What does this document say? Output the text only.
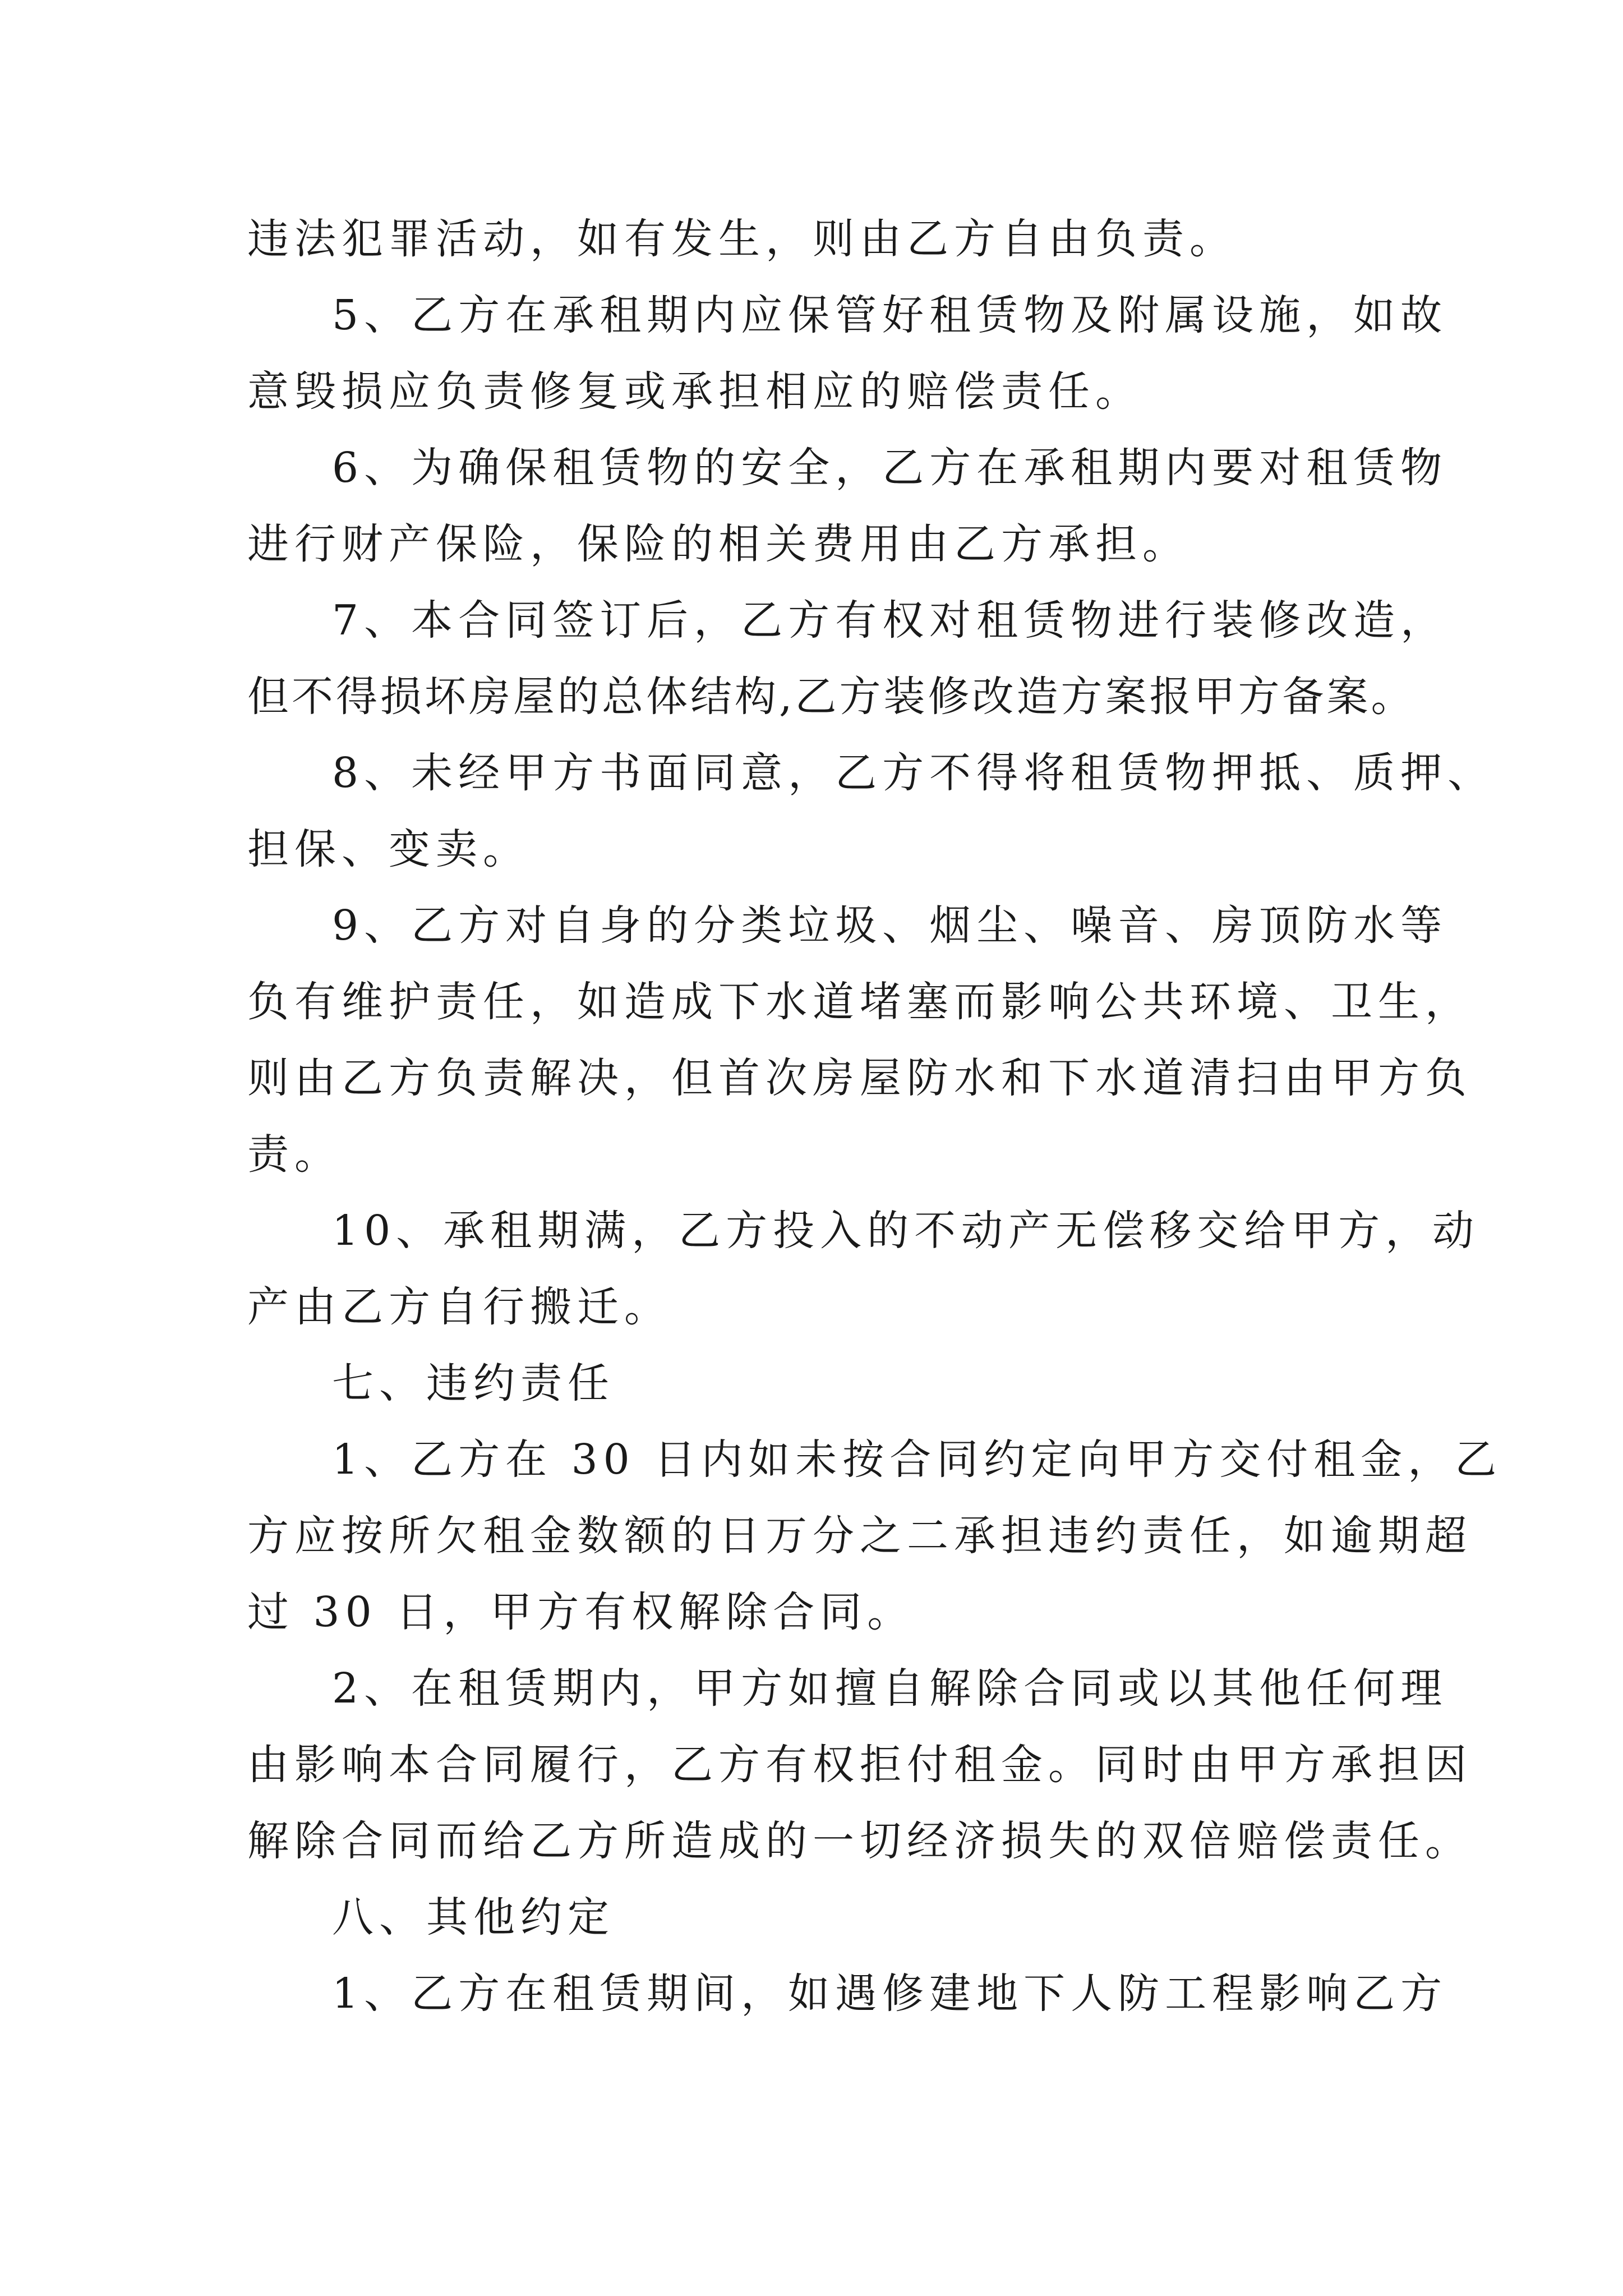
违法犯罪活动，如有发生，则由乙方自由负责。
5、乙方在承租期内应保管好租赁物及附属设施，如故
意毁损应负责修复或承担相应的赔偿责任。
6、为确保租赁物的安全，乙方在承租期内要对租赁物
进行财产保险，保险的相关费用由乙方承担。
7、本合同签订后，乙方有权对租赁物进行装修改造，
但不得损坏房屋的总体结构,乙方装修改造方案报甲方备案。
8、未经甲方书面同意，乙方不得将租赁物押抵、质押、
担保、变卖。
9、乙方对自身的分类垃圾、烟尘、噪音、房顶防水等
负有维护责任，如造成下水道堵塞而影响公共环境、卫生，
则由乙方负责解决，但首次房屋防水和下水道清扫由甲方负
责。
10、承租期满，乙方投入的不动产无偿移交给甲方，动
产由乙方自行搬迁。
七、违约责任
1、乙方在 30 日内如未按合同约定向甲方交付租金，乙
方应按所欠租金数额的日万分之二承担违约责任，如逾期超
过 30 日，甲方有权解除合同。
2、在租赁期内，甲方如擅自解除合同或以其他任何理
由影响本合同履行，乙方有权拒付租金。同时由甲方承担因
解除合同而给乙方所造成的一切经济损失的双倍赔偿责任。
八、其他约定
1、乙方在租赁期间，如遇修建地下人防工程影响乙方
